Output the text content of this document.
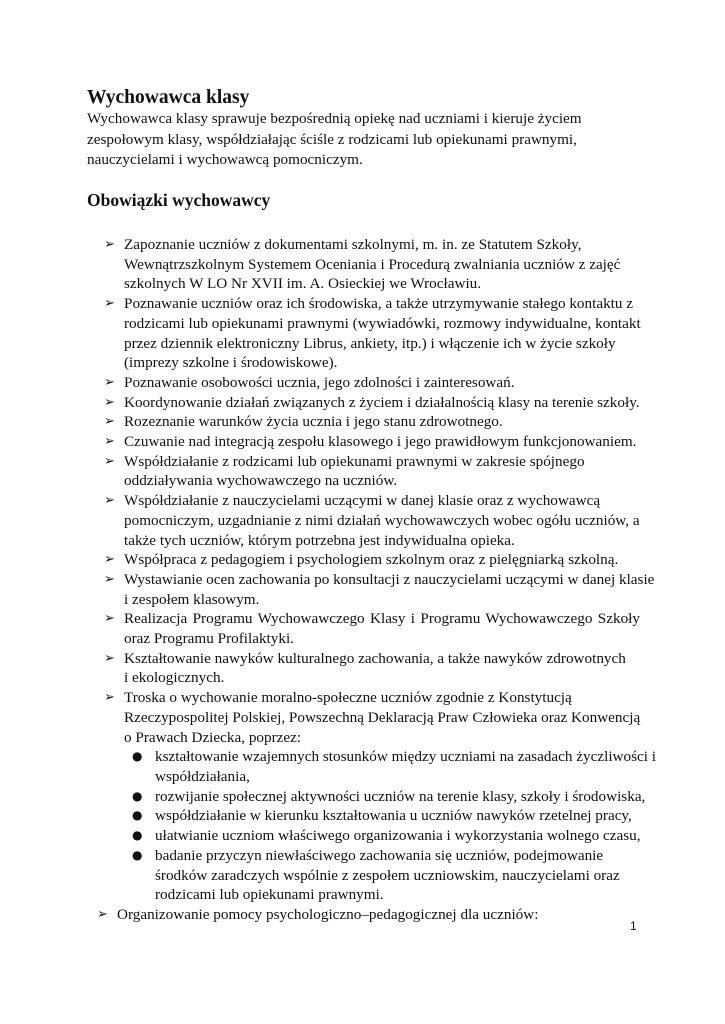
Wychowawca klasy

Wychowawca klasy sprawuje bezpośrednią opiekę nad uczniami i kieruje życiem
zespołowym klasy, współdziałając ściśle z rodzicami lub opiekunami prawnymi,
nauczycielami i wychowawcą pomocniczym.

Obowiązki wychowawcy
➢ Zapoznanie uczniów z dokumentami szkolnymi, m. in. ze Statutem Szkoły,
Wewnątrzszkolnym Systemem Oceniania i Procedurą zwalniania uczniów z zajęć
szkolnych W LO Nr XVII im. A. Osieckiej we Wrocławiu.
➢ Poznawanie uczniów oraz ich środowiska, a także utrzymywanie stałego kontaktu z
rodzicami lub opiekunami prawnymi (wywiadówki, rozmowy indywidualne, kontakt
przez dziennik elektroniczny Librus, ankiety, itp.) i włączenie ich w życie szkoły
(imprezy szkolne i środowiskowe).
➢ Poznawanie osobowości ucznia, jego zdolności i zainteresowań.
➢ Koordynowanie działań związanych z życiem i działalnością klasy na terenie szkoły.
➢ Rozeznanie warunków życia ucznia i jego stanu zdrowotnego.
➢ Czuwanie nad integracją zespołu klasowego i jego prawidłowym funkcjonowaniem.
➢ Współdziałanie z rodzicami lub opiekunami prawnymi w zakresie spójnego
oddziaływania wychowawczego na uczniów.
➢ Współdziałanie z nauczycielami uczącymi w danej klasie oraz z wychowawcą
pomocniczym, uzgadnianie z nimi działań wychowawczych wobec ogółu uczniów, a
także tych uczniów, którym potrzebna jest indywidualna opieka.
➢ Współpraca z pedagogiem i psychologiem szkolnym oraz z pielęgniarką szkolną.
➢ Wystawianie ocen zachowania po konsultacji z nauczycielami uczącymi w danej klasie
i zespołem klasowym.
➢ Realizacja Programu Wychowawczego Klasy i Programu Wychowawczego Szkoły
oraz Programu Profilaktyki.
➢ Kształtowanie nawyków kulturalnego zachowania, a także nawyków zdrowotnych
i ekologicznych.
➢ Troska o wychowanie moralno-społeczne uczniów zgodnie z Konstytucją
Rzeczypospolitej Polskiej, Powszechną Deklaracją Praw Człowieka oraz Konwencją
o Prawach Dziecka, poprzez:
● kształtowanie wzajemnych stosunków między uczniami na zasadach życzliwości i
współdziałania,
● rozwijanie społecznej aktywności uczniów na terenie klasy, szkoły i środowiska,
● współdziałanie w kierunku kształtowania u uczniów nawyków rzetelnej pracy,
● ułatwianie uczniom właściwego organizowania i wykorzystania wolnego czasu,
● badanie przyczyn niewłaściwego zachowania się uczniów, podejmowanie
środków zaradczych wspólnie z zespołem uczniowskim, nauczycielami oraz
rodzicami lub opiekunami prawnymi.
➢ Organizowanie pomocy psychologiczno–pedagogicznej dla uczniów:
1
